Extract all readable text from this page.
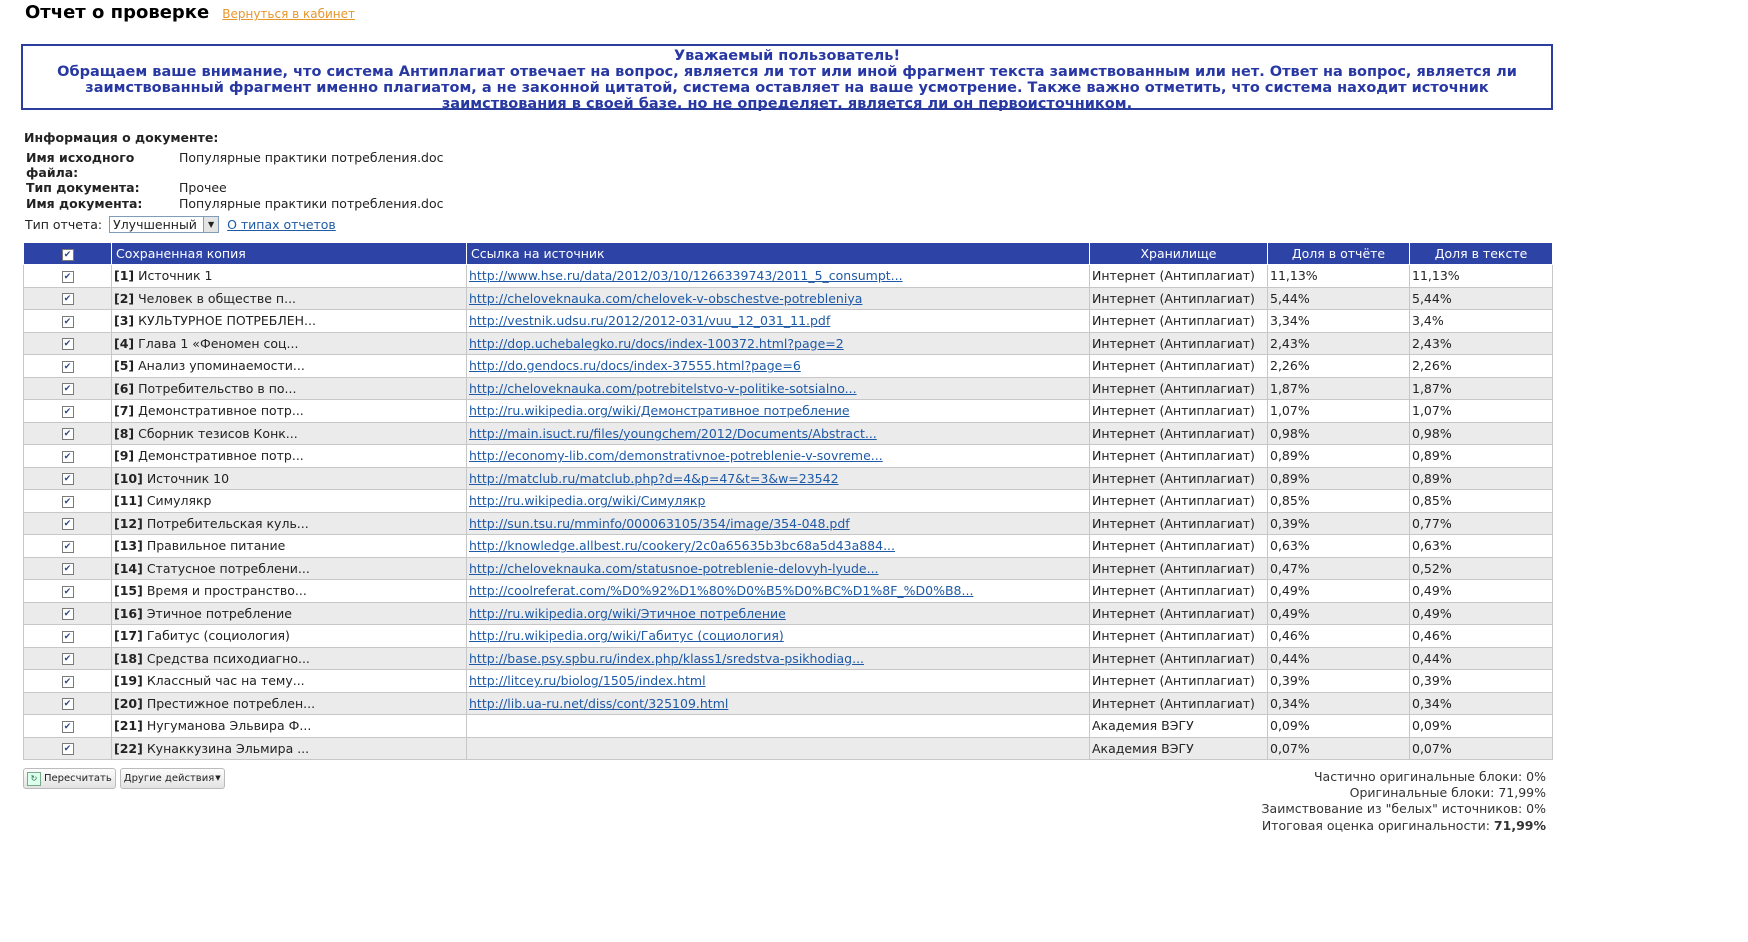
Отчет о проверке Вернуться в кабинет
Уважаемый пользователь!
Обращаем ваше внимание, что система Антиплагиат отвечает на вопрос, является ли тот или иной фрагмент текста заимствованным или нет. Ответ на вопрос, является ли заимствованный фрагмент именно плагиатом, а не законной цитатой, система оставляет на ваше усмотрение. Также важно отметить, что система находит источник заимствования в своей базе, но не определяет, является ли он первоисточником.
Информация о документе:
Имя исходного файла:	Популярные практики потребления.doc
Тип документа:	Прочее
Имя документа:	Популярные практики потребления.doc
Тип отчета: Улучшенный	▼	О типах отчетов
✔	Сохраненная копия	Ссылка на источник	Хранилище	Доля в отчёте	Доля в тексте
✔	[1] Источник 1	http://www.hse.ru/data/2012/03/10/1266339743/2011_5_consumpt...	Интернет (Антиплагиат)	11,13%	11,13%
✔	[2] Человек в обществе п...	http://cheloveknauka.com/chelovek-v-obschestve-potrebleniya	Интернет (Антиплагиат)	5,44%	5,44%
✔	[3] КУЛЬТУРНОЕ ПОТРЕБЛЕН...	http://vestnik.udsu.ru/2012/2012-031/vuu_12_031_11.pdf	Интернет (Антиплагиат)	3,34%	3,4%
✔	[4] Глава 1 «Феномен соц...	http://dop.uchebalegko.ru/docs/index-100372.html?page=2	Интернет (Антиплагиат)	2,43%	2,43%
✔	[5] Анализ упоминаемости...	http://do.gendocs.ru/docs/index-37555.html?page=6	Интернет (Антиплагиат)	2,26%	2,26%
✔	[6] Потребительство в по...	http://cheloveknauka.com/potrebitelstvo-v-politike-sotsialno...	Интернет (Антиплагиат)	1,87%	1,87%
✔	[7] Демонстративное потр...	http://ru.wikipedia.org/wiki/Демонстративное потребление	Интернет (Антиплагиат)	1,07%	1,07%
✔	[8] Сборник тезисов Конк...	http://main.isuct.ru/files/youngchem/2012/Documents/Abstract...	Интернет (Антиплагиат)	0,98%	0,98%
✔	[9] Демонстративное потр...	http://economy-lib.com/demonstrativnoe-potreblenie-v-sovreme...	Интернет (Антиплагиат)	0,89%	0,89%
✔	[10] Источник 10	http://matclub.ru/matclub.php?d=4&p=47&t=3&w=23542	Интернет (Антиплагиат)	0,89%	0,89%
✔	[11] Симулякр	http://ru.wikipedia.org/wiki/Симулякр	Интернет (Антиплагиат)	0,85%	0,85%
✔	[12] Потребительская куль...	http://sun.tsu.ru/mminfo/000063105/354/image/354-048.pdf	Интернет (Антиплагиат)	0,39%	0,77%
✔	[13] Правильное питание	http://knowledge.allbest.ru/cookery/2c0a65635b3bc68a5d43a884...	Интернет (Антиплагиат)	0,63%	0,63%
✔	[14] Статусное потреблени...	http://cheloveknauka.com/statusnoe-potreblenie-delovyh-lyude...	Интернет (Антиплагиат)	0,47%	0,52%
✔	[15] Время и пространство...	http://coolreferat.com/%D0%92%D1%80%D0%B5%D0%BC%D1%8F_%D0%B8...	Интернет (Антиплагиат)	0,49%	0,49%
✔	[16] Этичное потребление	http://ru.wikipedia.org/wiki/Этичное потребление	Интернет (Антиплагиат)	0,49%	0,49%
✔	[17] Габитус (социология)	http://ru.wikipedia.org/wiki/Габитус (социология)	Интернет (Антиплагиат)	0,46%	0,46%
✔	[18] Средства психодиагно...	http://base.psy.spbu.ru/index.php/klass1/sredstva-psikhodiag...	Интернет (Антиплагиат)	0,44%	0,44%
✔	[19] Классный час на тему...	http://litcey.ru/biolog/1505/index.html	Интернет (Антиплагиат)	0,39%	0,39%
✔	[20] Престижное потреблен...	http://lib.ua-ru.net/diss/cont/325109.html	Интернет (Антиплагиат)	0,34%	0,34%
✔	[21] Нугуманова Эльвира Ф...		Академия ВЭГУ	0,09%	0,09%
✔	[22] Кунаккузина Эльмира ...		Академия ВЭГУ	0,07%	0,07%
↻ Пересчитать Другие действия ▼	Частично оригинальные блоки: 0%
Оригинальные блоки: 71,99%
Заимствование из "белых" источников: 0%
Итоговая оценка оригинальности: 71,99%
